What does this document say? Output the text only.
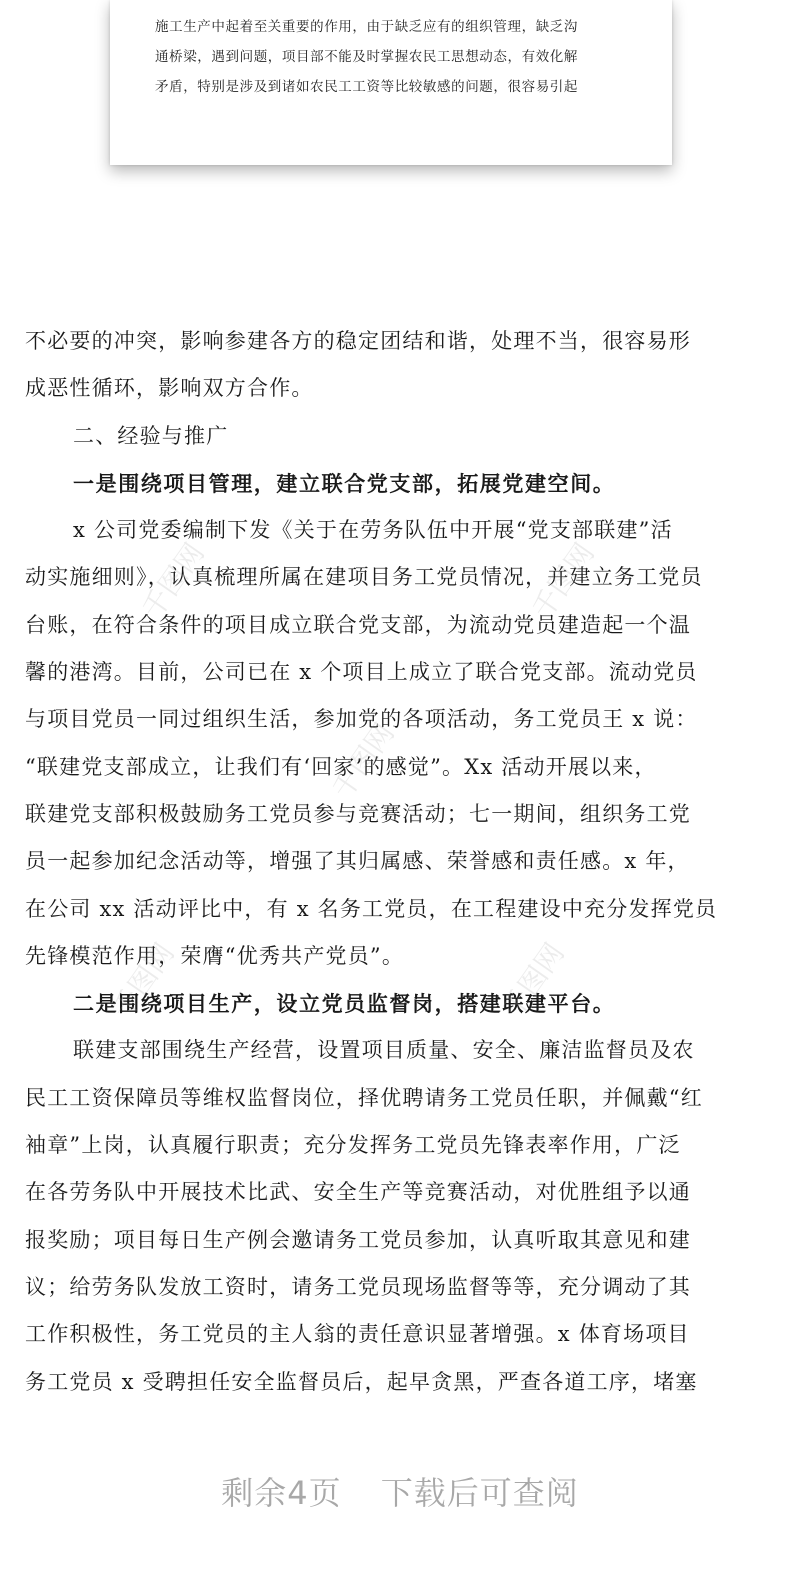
施工生产中起着至关重要的作用，由于缺乏应有的组织管理，缺乏沟
通桥梁，遇到问题，项目部不能及时掌握农民工思想动态，有效化解
矛盾，特别是涉及到诸如农民工工资等比较敏感的问题，很容易引起
不必要的冲突，影响参建各方的稳定团结和谐，处理不当，很容易形
成恶性循环，影响双方合作。
二、经验与推广
一是围绕项目管理，建立联合党支部，拓展党建空间。
x 公司党委编制下发《关于在劳务队伍中开展“党支部联建”活
动实施细则》，认真梳理所属在建项目务工党员情况，并建立务工党员
台账，在符合条件的项目成立联合党支部，为流动党员建造起一个温
馨的港湾。目前，公司已在 x 个项目上成立了联合党支部。流动党员
与项目党员一同过组织生活，参加党的各项活动，务工党员王 x 说：
“联建党支部成立，让我们有‘回家’的感觉”。Xx 活动开展以来，
联建党支部积极鼓励务工党员参与竞赛活动；七一期间，组织务工党
员一起参加纪念活动等，增强了其归属感、荣誉感和责任感。x 年，
在公司 xx 活动评比中，有 x 名务工党员，在工程建设中充分发挥党员
先锋模范作用，荣膺“优秀共产党员”。
二是围绕项目生产，设立党员监督岗，搭建联建平台。
联建支部围绕生产经营，设置项目质量、安全、廉洁监督员及农
民工工资保障员等维权监督岗位，择优聘请务工党员任职，并佩戴“红
袖章”上岗，认真履行职责；充分发挥务工党员先锋表率作用，广泛
在各劳务队中开展技术比武、安全生产等竞赛活动，对优胜组予以通
报奖励；项目每日生产例会邀请务工党员参加，认真听取其意见和建
议；给劳务队发放工资时，请务工党员现场监督等等，充分调动了其
工作积极性，务工党员的主人翁的责任意识显著增强。x 体育场项目
务工党员 x 受聘担任安全监督员后，起早贪黑，严查各道工序，堵塞
千图网	千图网
千图网
千图网	千图网
剩余4页 下载后可查阅
